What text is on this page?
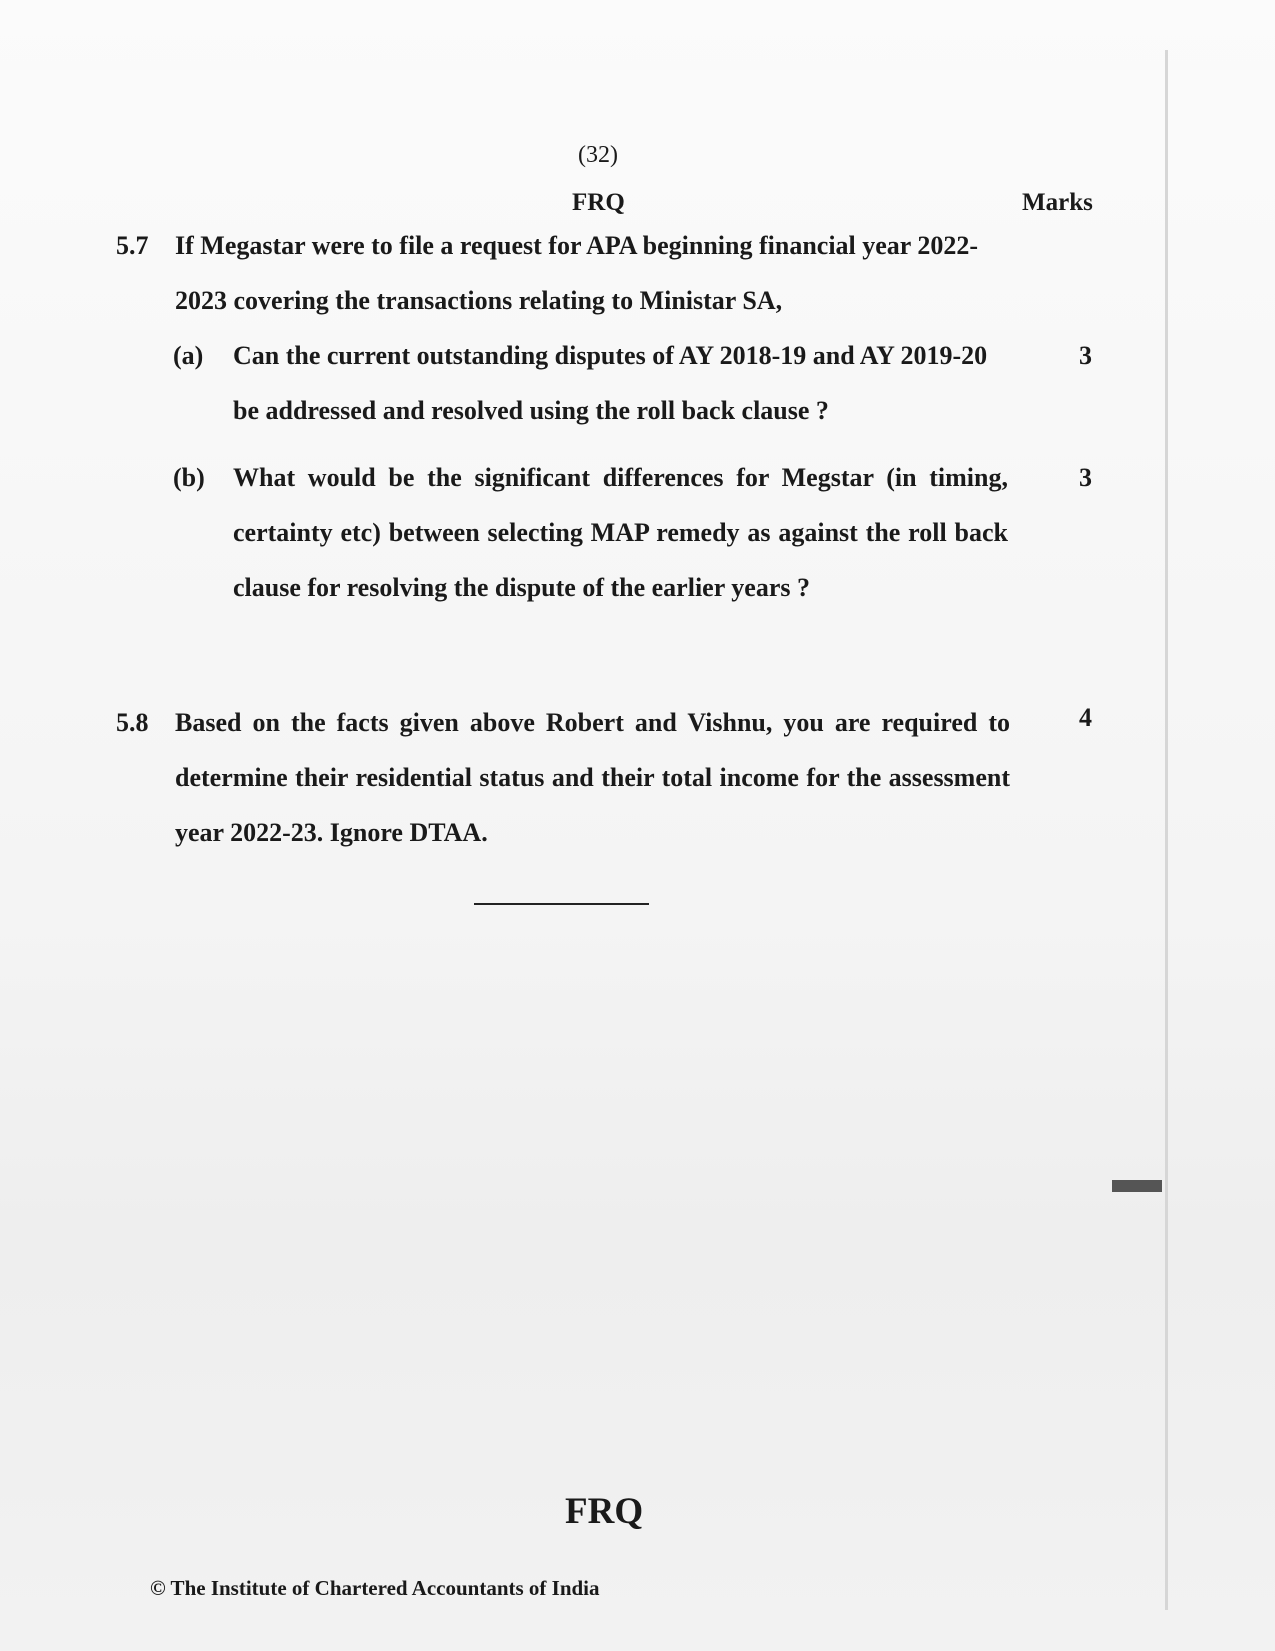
(32)
FRQ	Marks
5.7 If Megastar were to file a request for APA beginning financial year 2022-
2023 covering the transactions relating to Ministar SA,
(a) Can the current outstanding disputes of AY 2018-19 and AY 2019-20
be addressed and resolved using the roll back clause ?
3
(b) What would be the significant differences for Megstar (in timing,
certainty etc) between selecting MAP remedy as against the roll back
clause for resolving the dispute of the earlier years ?
3
5.8 Based on the facts given above Robert and Vishnu, you are required to
determine their residential status and their total income for the assessment
year 2022-23. Ignore DTAA.
4
FRQ
© The Institute of Chartered Accountants of India
